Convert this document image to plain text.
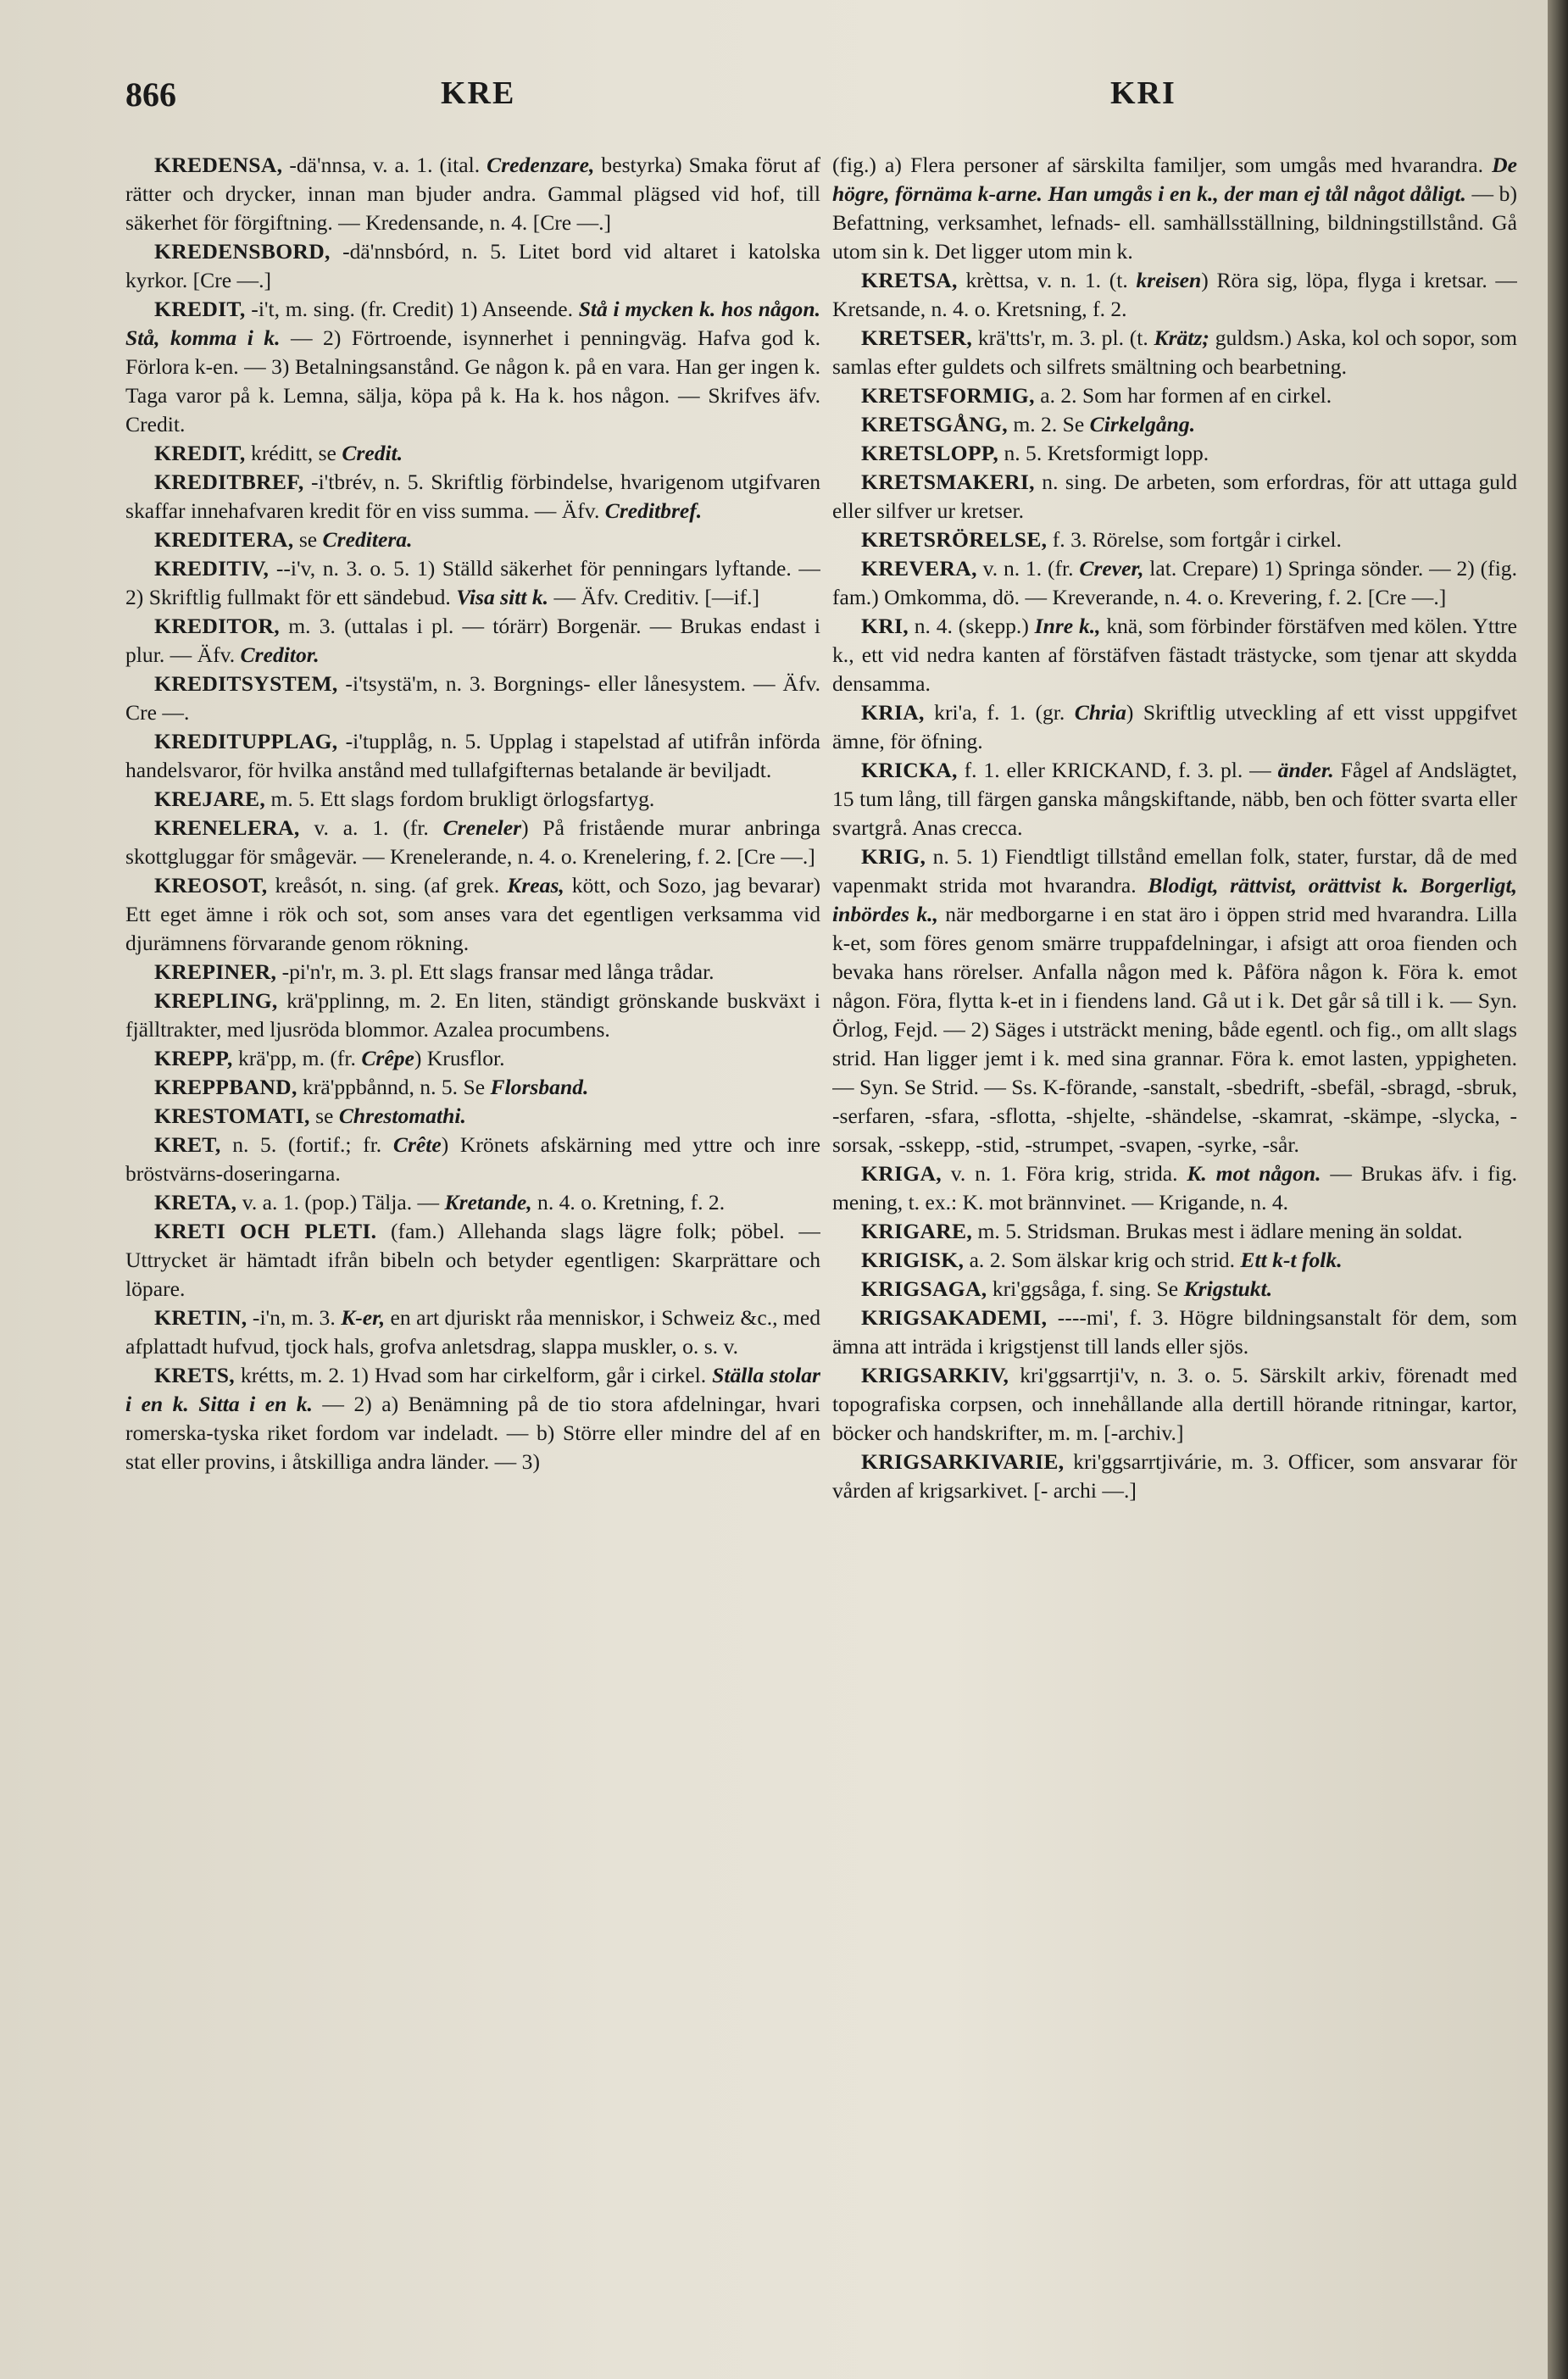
866	KRE	KRI

KREDENSA, -dä'nnsa, v. a. 1. (ital. Credenzare, bestyrka) Smaka förut af rätter och drycker, innan man bjuder andra. Gammal plägsed vid hof, till säkerhet för förgiftning. — Kredensande, n. 4. [Cre —.]

KREDENSBORD, -dä'nnsbórd, n. 5. Litet bord vid altaret i katolska kyrkor. [Cre —.]

KREDIT, -i't, m. sing. (fr. Credit) 1) Anseende. Stå i mycken k. hos någon. Stå, komma i k. — 2) Förtroende, isynnerhet i penningväg. Hafva god k. Förlora k-en. — 3) Betalningsanstånd. Ge någon k. på en vara. Han ger ingen k. Taga varor på k. Lemna, sälja, köpa på k. Ha k. hos någon. — Skrifves äfv. Credit.

KREDIT, kréditt, se Credit.

KREDITBREF, -i'tbrév, n. 5. Skriftlig förbindelse, hvarigenom utgifvaren skaffar innehafvaren kredit för en viss summa. — Äfv. Creditbref.

KREDITERA, se Creditera.

KREDITIV, --i'v, n. 3. o. 5. 1) Ställd säkerhet för penningars lyftande. — 2) Skriftlig fullmakt för ett sändebud. Visa sitt k. — Äfv. Creditiv. [—if.]

KREDITOR, m. 3. (uttalas i pl. — tórärr) Borgenär. — Brukas endast i plur. — Äfv. Creditor.

KREDITSYSTEM, -i'tsystä'm, n. 3. Borgnings- eller lånesystem. — Äfv. Cre —.

KREDITUPPLAG, -i'tupplåg, n. 5. Upplag i stapelstad af utifrån införda handelsvaror, för hvilka anstånd med tullafgifternas betalande är beviljadt.

KREJARE, m. 5. Ett slags fordom brukligt örlogsfartyg.

KRENELERA, v. a. 1. (fr. Creneler) På fristående murar anbringa skottgluggar för smågevär. — Krenelerande, n. 4. o. Krenelering, f. 2. [Cre —.]

KREOSOT, kreåsót, n. sing. (af grek. Kreas, kött, och Sozo, jag bevarar) Ett eget ämne i rök och sot, som anses vara det egentligen verksamma vid djurämnens förvarande genom rökning.

KREPINER, -pi'n'r, m. 3. pl. Ett slags fransar med långa trådar.

KREPLING, krä'pplinng, m. 2. En liten, ständigt grönskande buskväxt i fjälltrakter, med ljusröda blommor. Azalea procumbens.

KREPP, krä'pp, m. (fr. Crêpe) Krusflor.

KREPPBAND, krä'ppbånnd, n. 5. Se Florsband.

KRESTOMATI, se Chrestomathi.

KRET, n. 5. (fortif.; fr. Crête) Krönets afskärning med yttre och inre bröstvärns-doseringarna.

KRETA, v. a. 1. (pop.) Tälja. — Kretande, n. 4. o. Kretning, f. 2.

KRETI OCH PLETI. (fam.) Allehanda slags lägre folk; pöbel. — Uttrycket är hämtadt ifrån bibeln och betyder egentligen: Skarprättare och löpare.

KRETIN, -i'n, m. 3. K-er, en art djuriskt råa menniskor, i Schweiz &c., med afplattadt hufvud, tjock hals, grofva anletsdrag, slappa muskler, o. s. v.

KRETS, krétts, m. 2. 1) Hvad som har cirkelform, går i cirkel. Ställa stolar i en k. Sitta i en k. — 2) a) Benämning på de tio stora afdelningar, hvari romerska-tyska riket fordom var indeladt. — b) Större eller mindre del af en stat eller provins, i åtskilliga andra länder. — 3)

(fig.) a) Flera personer af särskilta familjer, som umgås med hvarandra. De högre, förnäma k-arne. Han umgås i en k., der man ej tål något dåligt. — b) Befattning, verksamhet, lefnads- ell. samhällsställning, bildningstillstånd. Gå utom sin k. Det ligger utom min k.

KRETSA, krèttsa, v. n. 1. (t. kreisen) Röra sig, löpa, flyga i kretsar. — Kretsande, n. 4. o. Kretsning, f. 2.

KRETSER, krä'tts'r, m. 3. pl. (t. Krätz; guldsm.) Aska, kol och sopor, som samlas efter guldets och silfrets smältning och bearbetning.

KRETSFORMIG, a. 2. Som har formen af en cirkel.

KRETSGÅNG, m. 2. Se Cirkelgång.

KRETSLOPP, n. 5. Kretsformigt lopp.

KRETSMAKERI, n. sing. De arbeten, som erfordras, för att uttaga guld eller silfver ur kretser.

KRETSRÖRELSE, f. 3. Rörelse, som fortgår i cirkel.

KREVERA, v. n. 1. (fr. Crever, lat. Crepare) 1) Springa sönder. — 2) (fig. fam.) Omkomma, dö. — Kreverande, n. 4. o. Krevering, f. 2. [Cre —.]

KRI, n. 4. (skepp.) Inre k., knä, som förbinder förstäfven med kölen. Yttre k., ett vid nedra kanten af förstäfven fästadt trästycke, som tjenar att skydda densamma.

KRIA, kri'a, f. 1. (gr. Chria) Skriftlig utveckling af ett visst uppgifvet ämne, för öfning.

KRICKA, f. 1. eller KRICKAND, f. 3. pl. — änder. Fågel af Andslägtet, 15 tum lång, till färgen ganska mångskiftande, näbb, ben och fötter svarta eller svartgrå. Anas crecca.

KRIG, n. 5. 1) Fiendtligt tillstånd emellan folk, stater, furstar, då de med vapenmakt strida mot hvarandra. Blodigt, rättvist, orättvist k. Borgerligt, inbördes k., när medborgarne i en stat äro i öppen strid med hvarandra. Lilla k-et, som föres genom smärre truppafdelningar, i afsigt att oroa fienden och bevaka hans rörelser. Anfalla någon med k. Påföra någon k. Föra k. emot någon. Föra, flytta k-et in i fiendens land. Gå ut i k. Det går så till i k. — Syn. Örlog, Fejd. — 2) Säges i utsträckt mening, både egentl. och fig., om allt slags strid. Han ligger jemt i k. med sina grannar. Föra k. emot lasten, yppigheten. — Syn. Se Strid. — Ss. K-förande, -sanstalt, -sbedrift, -sbefäl, -sbragd, -sbruk, -serfaren, -sfara, -sflotta, -shjelte, -shändelse, -skamrat, -skämpe, -slycka, -sorsak, -sskepp, -stid, -strumpet, -svapen, -syrke, -sår.

KRIGA, v. n. 1. Föra krig, strida. K. mot någon. — Brukas äfv. i fig. mening, t. ex.: K. mot brännvinet. — Krigande, n. 4.

KRIGARE, m. 5. Stridsman. Brukas mest i ädlare mening än soldat.

KRIGISK, a. 2. Som älskar krig och strid. Ett k-t folk.

KRIGSAGA, kri'ggsåga, f. sing. Se Krigstukt.

KRIGSAKADEMI, ----mi', f. 3. Högre bildningsanstalt för dem, som ämna att inträda i krigstjenst till lands eller sjös.

KRIGSARKIV, kri'ggsarrtji'v, n. 3. o. 5. Särskilt arkiv, förenadt med topografiska corpsen, och innehållande alla dertill hörande ritningar, kartor, böcker och handskrifter, m. m. [-archiv.]

KRIGSARKIVARIE, kri'ggsarrtjivárie, m. 3. Officer, som ansvarar för vården af krigsarkivet. [- archi —.]
